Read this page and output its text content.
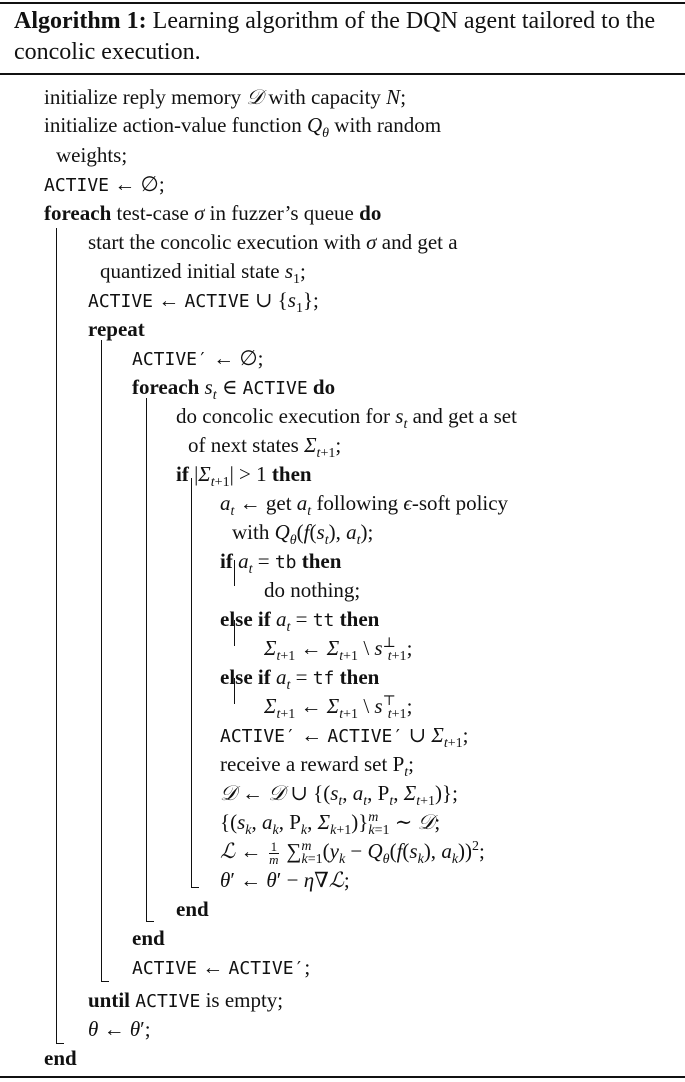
Algorithm 1: Learning algorithm of the DQN agent tailored to the concolic execution.
initialize reply memory 𝒟 with capacity N;
initialize action-value function $Q_\theta$ with random
weights;
ACTIVE ← ∅;
foreach test-case σ in fuzzer’s queue do
start the concolic execution with σ and get a
quantized initial state $s_1$;
ACTIVE ← ACTIVE ∪ $\{s_1\}$;
repeat
ACTIVE′ ← ∅;
foreach $s_t$ ∈ ACTIVE do
do concolic execution for $s_t$ and get a set
of next states $\Sigma_{t+1}$;
if $|\Sigma_{t+1}| > 1$ then
$a_t$ ← get $a_t$ following ϵ-soft policy
with $Q_\theta(f(s_t)$, $a_t$);
if $a_t$ = tb then
do nothing;
else if $a_t$ = tt then
$\Sigma_{t+1}$ ← $\Sigma_{t+1}$ \ $s^\perp_{t+1}$;
else if $a_t$ = tf then
$\Sigma_{t+1}$ ← $\Sigma_{t+1}$ \ $s^⊤_{t+1}$;
ACTIVE′ ← ACTIVE′ ∪ $\Sigma_{t+1}$;
receive a reward set $P_t$;
𝒟 ← 𝒟 ∪ {($s_t$, $a_t$, $P_t$, $\Sigma_{t+1}$)};
{($s_k$, $a_k$, $P_k$, $\Sigma_{k+1})\}^m_{k=1}$ ∼ 𝒟;
ℒ ← $\frac{1}{m} \sum^m_{k=1}(y_k - Q_\theta(f(s_k)$, $a_k))^2$;
θ′ ← θ′ − η∇ℒ;
end
end
ACTIVE ← ACTIVE′;
until ACTIVE is empty;
θ ← θ′;
end
